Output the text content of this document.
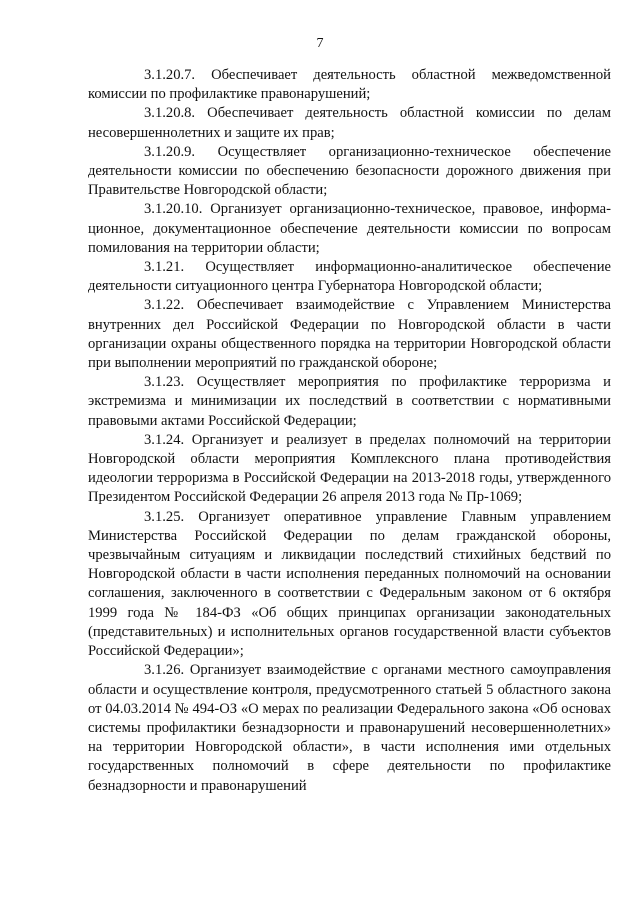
7

3.1.20.7. Обеспечивает деятельность областной межведомственной комиссии по профилактике правонарушений;

3.1.20.8. Обеспечивает деятельность областной комиссии по делам несовершеннолетних и защите их прав;

3.1.20.9. Осуществляет организационно-техническое обеспечение деятельности комиссии по обеспечению безопасности дорожного движения при Правительстве Новгородской области;

3.1.20.10. Организует организационно-техническое, правовое, информационное, документационное обеспечение деятельности комиссии по вопросам помилования на территории области;

3.1.21. Осуществляет информационно-аналитическое обеспечение деятельности ситуационного центра Губернатора Новгородской области;

3.1.22. Обеспечивает взаимодействие с Управлением Министерства внутренних дел Российской Федерации по Новгородской области в части организации охраны общественного порядка на территории Новгородской области при выполнении мероприятий по гражданской обороне;

3.1.23. Осуществляет мероприятия по профилактике терроризма и экстремизма и минимизации их последствий в соответствии с нормативными правовыми актами Российской Федерации;

3.1.24. Организует и реализует в пределах полномочий на территории Новгородской области мероприятия Комплексного плана противодействия идеологии терроризма в Российской Федерации на 2013-2018 годы, утвержденного Президентом Российской Федерации 26 апреля 2013 года № Пр-1069;

3.1.25. Организует оперативное управление Главным управлением Министерства Российской Федерации по делам гражданской обороны, чрезвычайным ситуациям и ликвидации последствий стихийных бедствий по Новгородской области в части исполнения переданных полномочий на основании соглашения, заключенного в соответствии с Федеральным законом от 6 октября 1999 года № 184-ФЗ «Об общих принципах организации законодательных (представительных) и исполнительных органов государственной власти субъектов Российской Федерации»;

3.1.26. Организует взаимодействие с органами местного самоуправления области и осуществление контроля, предусмотренного статьей 5 областного закона от 04.03.2014 № 494-ОЗ «О мерах по реализации Федерального закона «Об основах системы профилактики безнадзорности и правонарушений несовершеннолетних» на территории Новгородской области», в части исполнения ими отдельных государственных полномочий в сфере деятельности по профилактике безнадзорности и правонарушений
